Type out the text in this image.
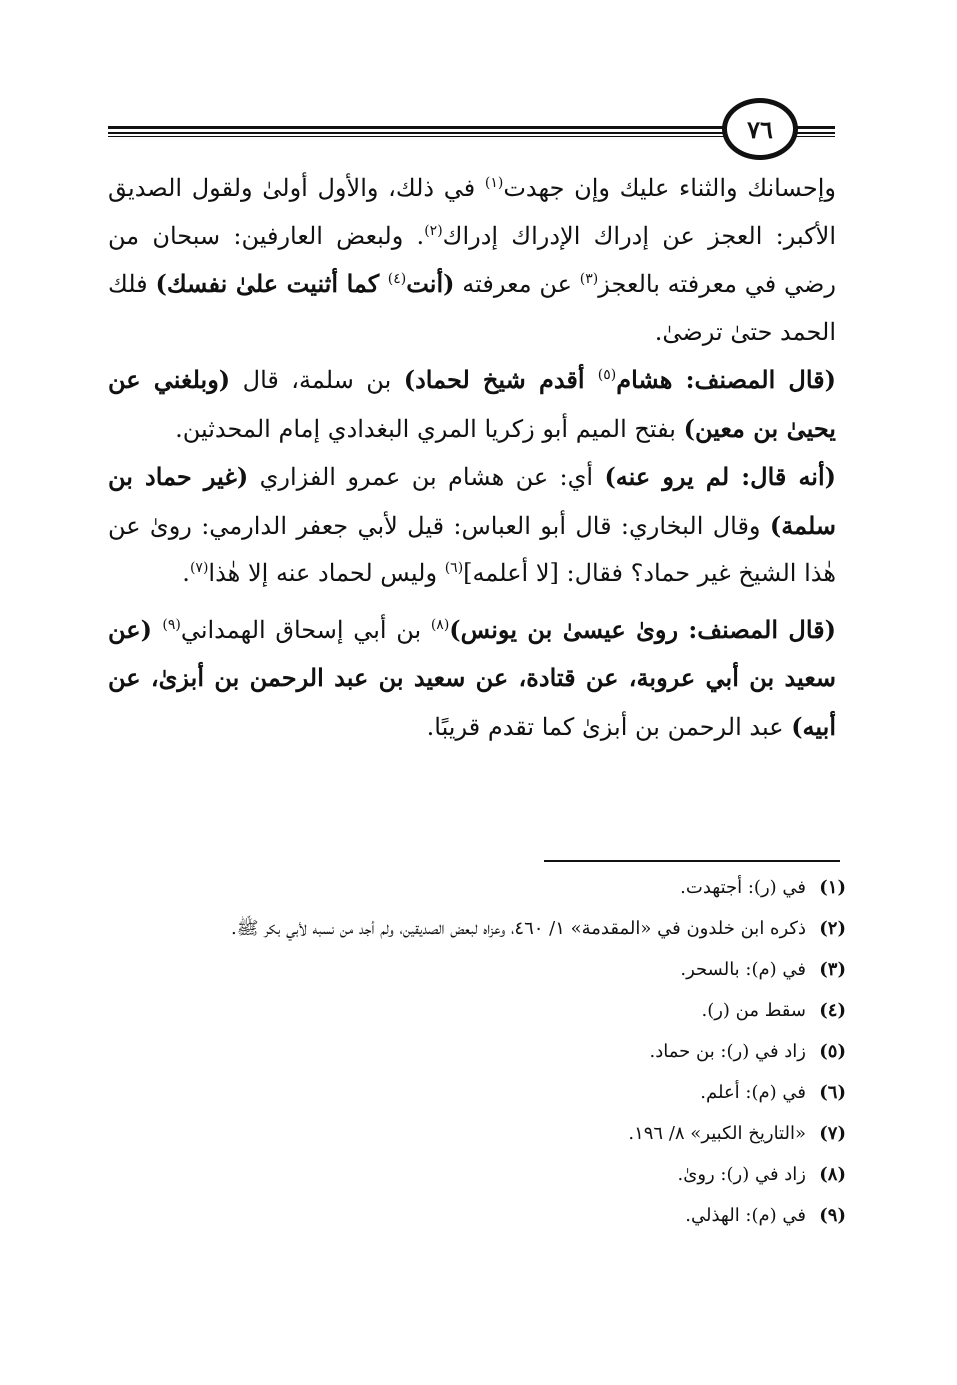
٧٦

وإحسانك والثناء عليك وإن جهدت$^{(١)}$ في ذلك، والأول أولىٰ ولقول الصديق الأكبر: العجز عن إدراك الإدراك إدراك$^{(٢)}$. ولبعض العارفين: سبحان من رضي في معرفته بالعجز$^{(٣)}$ عن معرفته (أنت$^{(٤)}$ كما أثنيت علىٰ نفسك) فلك الحمد حتىٰ ترضىٰ.

(قال المصنف: هشام$^{(٥)}$ أقدم شيخ لحماد) بن سلمة، قال (وبلغني عن يحيىٰ بن معين) بفتح الميم أبو زكريا المري البغدادي إمام المحدثين.

(أنه قال: لم يرو عنه) أي: عن هشام بن عمرو الفزاري (غير حماد بن سلمة) وقال البخاري: قال أبو العباس: قيل لأبي جعفر الدارمي: روىٰ عن هٰذا الشيخ غير حماد؟ فقال: [لا أعلمه]$^{(٦)}$ وليس لحماد عنه إلا هٰذا$^{(٧)}$.

(قال المصنف: روىٰ عيسىٰ بن يونس)$^{(٨)}$ بن أبي إسحاق الهمداني$^{(٩)}$ (عن سعيد بن أبي عروبة، عن قتادة، عن سعيد بن عبد الرحمن بن أبزىٰ، عن أبيه) عبد الرحمن بن أبزىٰ كما تقدم قريبًا.

(١)
في (ر): أجتهدت.
(٢)
ذكره ابن خلدون في «المقدمة» ١/ ٤٦٠، وعزاه لبعض الصديقين، ولم أجد من نسبه لأبي بكر ﷺ.
(٣)
في (م): بالسحر.
(٤)
سقط من (ر).
(٥)
زاد في (ر): بن حماد.
(٦)
في (م): أعلم.
(٧)
«التاريخ الكبير» ٨/ ١٩٦.
(٨)
زاد في (ر): روىٰ.
(٩)
في (م): الهذلي.
